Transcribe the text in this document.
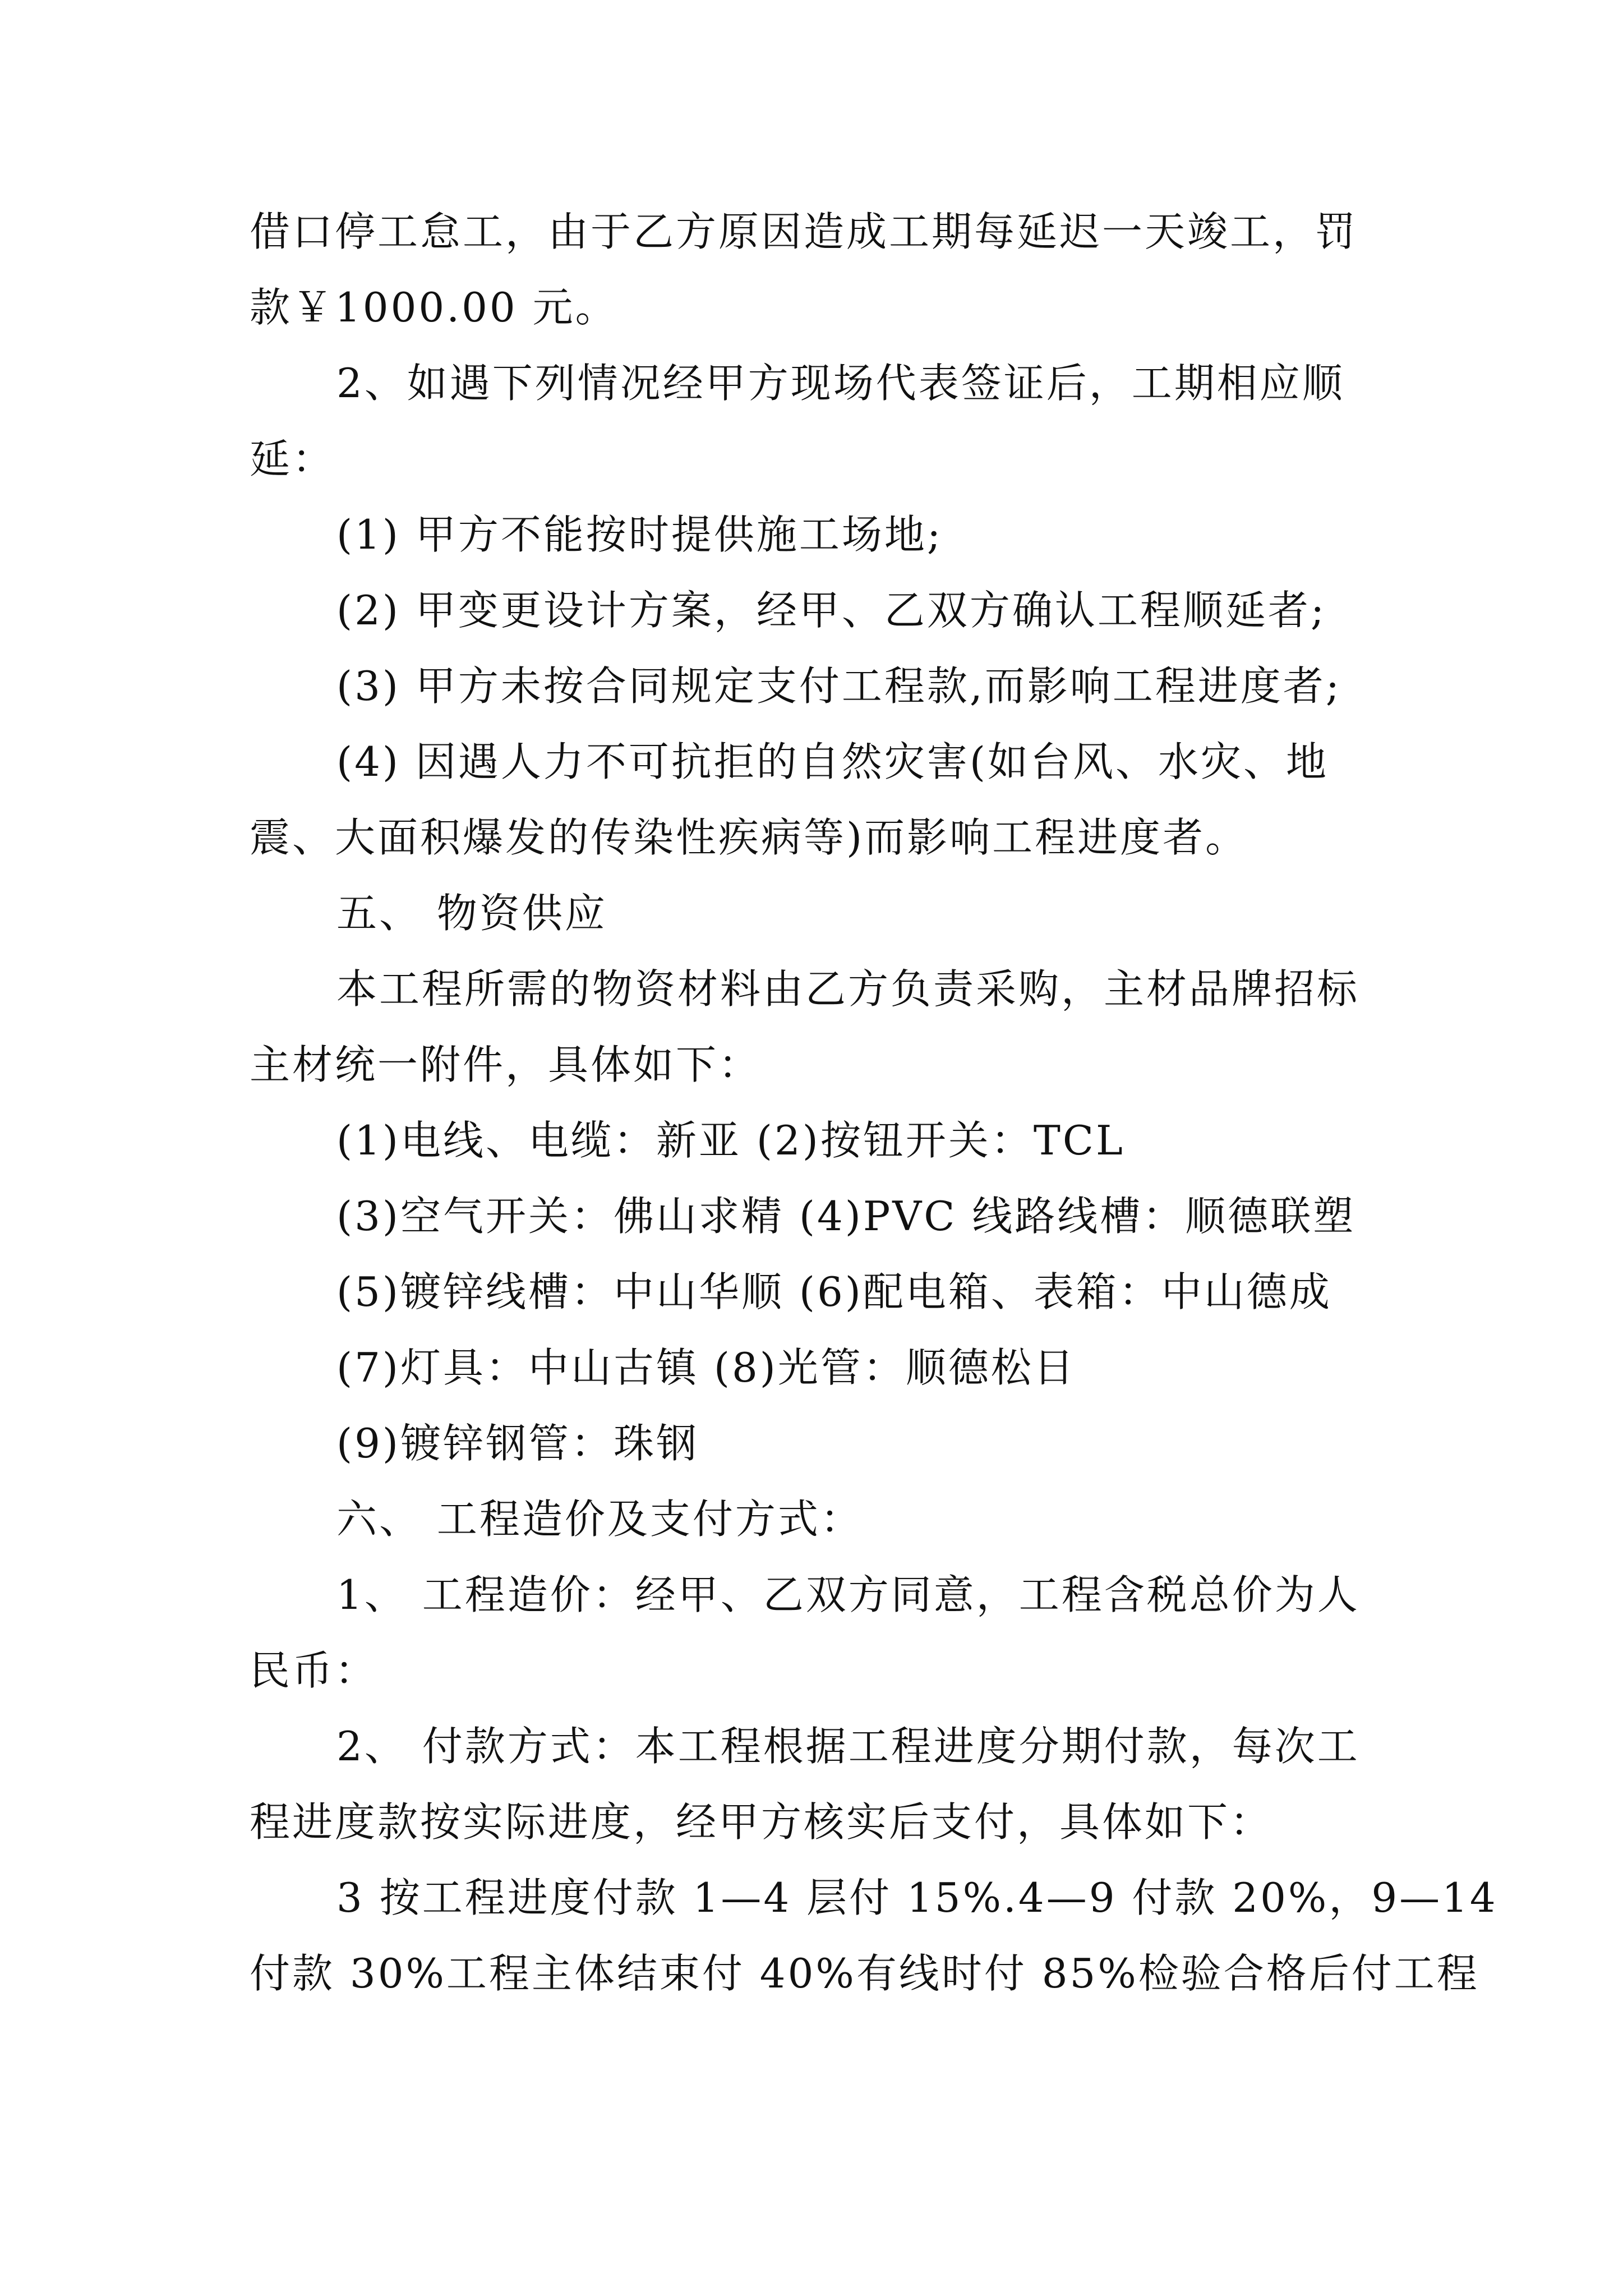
借口停工怠工，由于乙方原因造成工期每延迟一天竣工，罚
款￥1000.00 元。
2、如遇下列情况经甲方现场代表签证后，工期相应顺
延：
(1) 甲方不能按时提供施工场地;
(2) 甲变更设计方案，经甲、乙双方确认工程顺延者;
(3) 甲方未按合同规定支付工程款,而影响工程进度者;
(4) 因遇人力不可抗拒的自然灾害(如台风、水灾、地
震、大面积爆发的传染性疾病等)而影响工程进度者。
五、 物资供应
本工程所需的物资材料由乙方负责采购，主材品牌招标
主材统一附件，具体如下：
(1)电线、电缆：新亚 (2)按钮开关：TCL
(3)空气开关：佛山求精 (4)PVC 线路线槽：顺德联塑
(5)镀锌线槽：中山华顺 (6)配电箱、表箱：中山德成
(7)灯具：中山古镇 (8)光管：顺德松日
(9)镀锌钢管：珠钢
六、 工程造价及支付方式：
1、 工程造价：经甲、乙双方同意，工程含税总价为人
民币：
2、 付款方式：本工程根据工程进度分期付款，每次工
程进度款按实际进度，经甲方核实后支付，具体如下：
3 按工程进度付款 1—4 层付 15%.4—9 付款 20%，9—14
付款 30%工程主体结束付 40%有线时付 85%检验合格后付工程
